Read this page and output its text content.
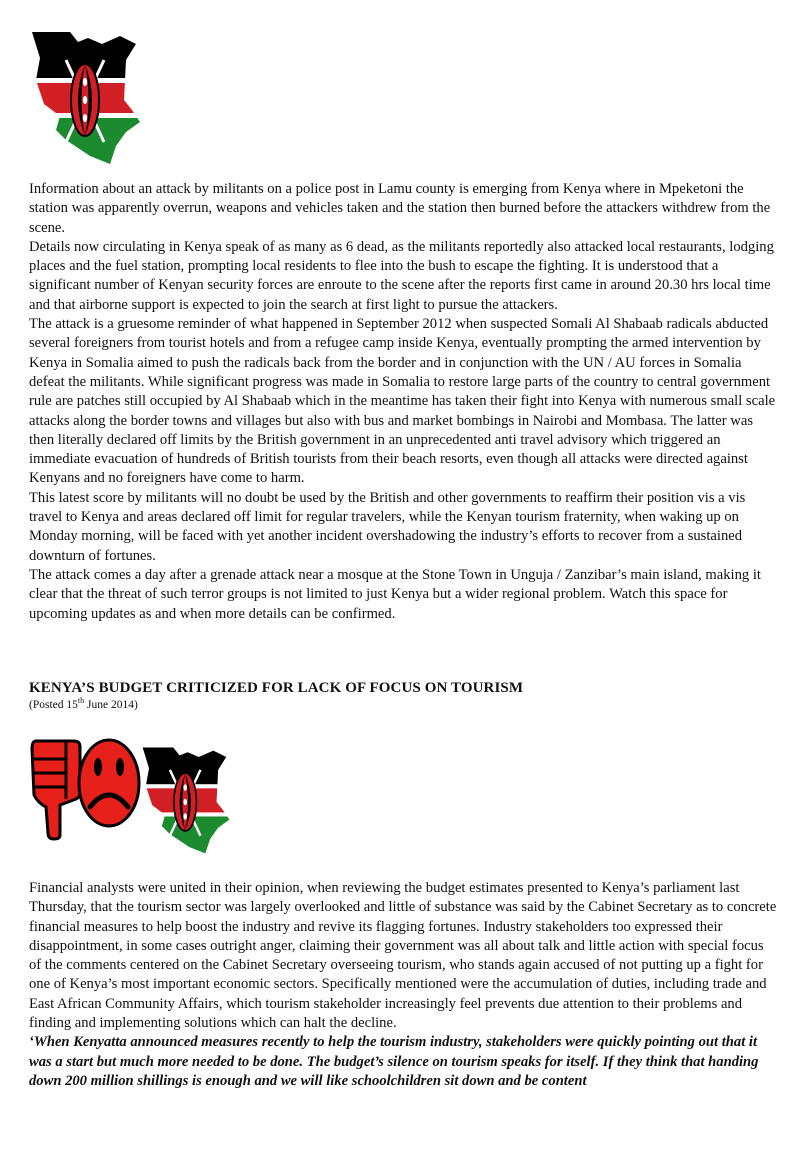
Information about an attack by militants on a police post in Lamu county is emerging from Kenya where in Mpeketoni the station was apparently overrun, weapons and vehicles taken and the station then burned before the attackers withdrew from the scene.

Details now circulating in Kenya speak of as many as 6 dead, as the militants reportedly also attacked local restaurants, lodging places and the fuel station, prompting local residents to flee into the bush to escape the fighting. It is understood that a significant number of Kenyan security forces are enroute to the scene after the reports first came in around 20.30 hrs local time and that airborne support is expected to join the search at first light to pursue the attackers.

The attack is a gruesome reminder of what happened in September 2012 when suspected Somali Al Shabaab radicals abducted several foreigners from tourist hotels and from a refugee camp inside Kenya, eventually prompting the armed intervention by Kenya in Somalia aimed to push the radicals back from the border and in conjunction with the UN / AU forces in Somalia defeat the militants. While significant progress was made in Somalia to restore large parts of the country to central government rule are patches still occupied by Al Shabaab which in the meantime has taken their fight into Kenya with numerous small scale attacks along the border towns and villages but also with bus and market bombings in Nairobi and Mombasa. The latter was then literally declared off limits by the British government in an unprecedented anti travel advisory which triggered an immediate evacuation of hundreds of British tourists from their beach resorts, even though all attacks were directed against Kenyans and no foreigners have come to harm.

This latest score by militants will no doubt be used by the British and other governments to reaffirm their position vis a vis travel to Kenya and areas declared off limit for regular travelers, while the Kenyan tourism fraternity, when waking up on Monday morning, will be faced with yet another incident overshadowing the industry’s efforts to recover from a sustained downturn of fortunes.

The attack comes a day after a grenade attack near a mosque at the Stone Town in Unguja / Zanzibar’s main island, making it clear that the threat of such terror groups is not limited to just Kenya but a wider regional problem. Watch this space for upcoming updates as and when more details can be confirmed.

KENYA’S BUDGET CRITICIZED FOR LACK OF FOCUS ON TOURISM
(Posted 15th June 2014)

Financial analysts were united in their opinion, when reviewing the budget estimates presented to Kenya’s parliament last Thursday, that the tourism sector was largely overlooked and little of substance was said by the Cabinet Secretary as to concrete financial measures to help boost the industry and revive its flagging fortunes. Industry stakeholders too expressed their disappointment, in some cases outright anger, claiming their government was all about talk and little action with special focus of the comments centered on the Cabinet Secretary overseeing tourism, who stands again accused of not putting up a fight for one of Kenya’s most important economic sectors. Specifically mentioned were the accumulation of duties, including trade and East African Community Affairs, which tourism stakeholder increasingly feel prevents due attention to their problems and finding and implementing solutions which can halt the decline.

‘When Kenyatta announced measures recently to help the tourism industry, stakeholders were quickly pointing out that it was a start but much more needed to be done. The budget’s silence on tourism speaks for itself. If they think that handing down 200 million shillings is enough and we will like schoolchildren sit down and be content
